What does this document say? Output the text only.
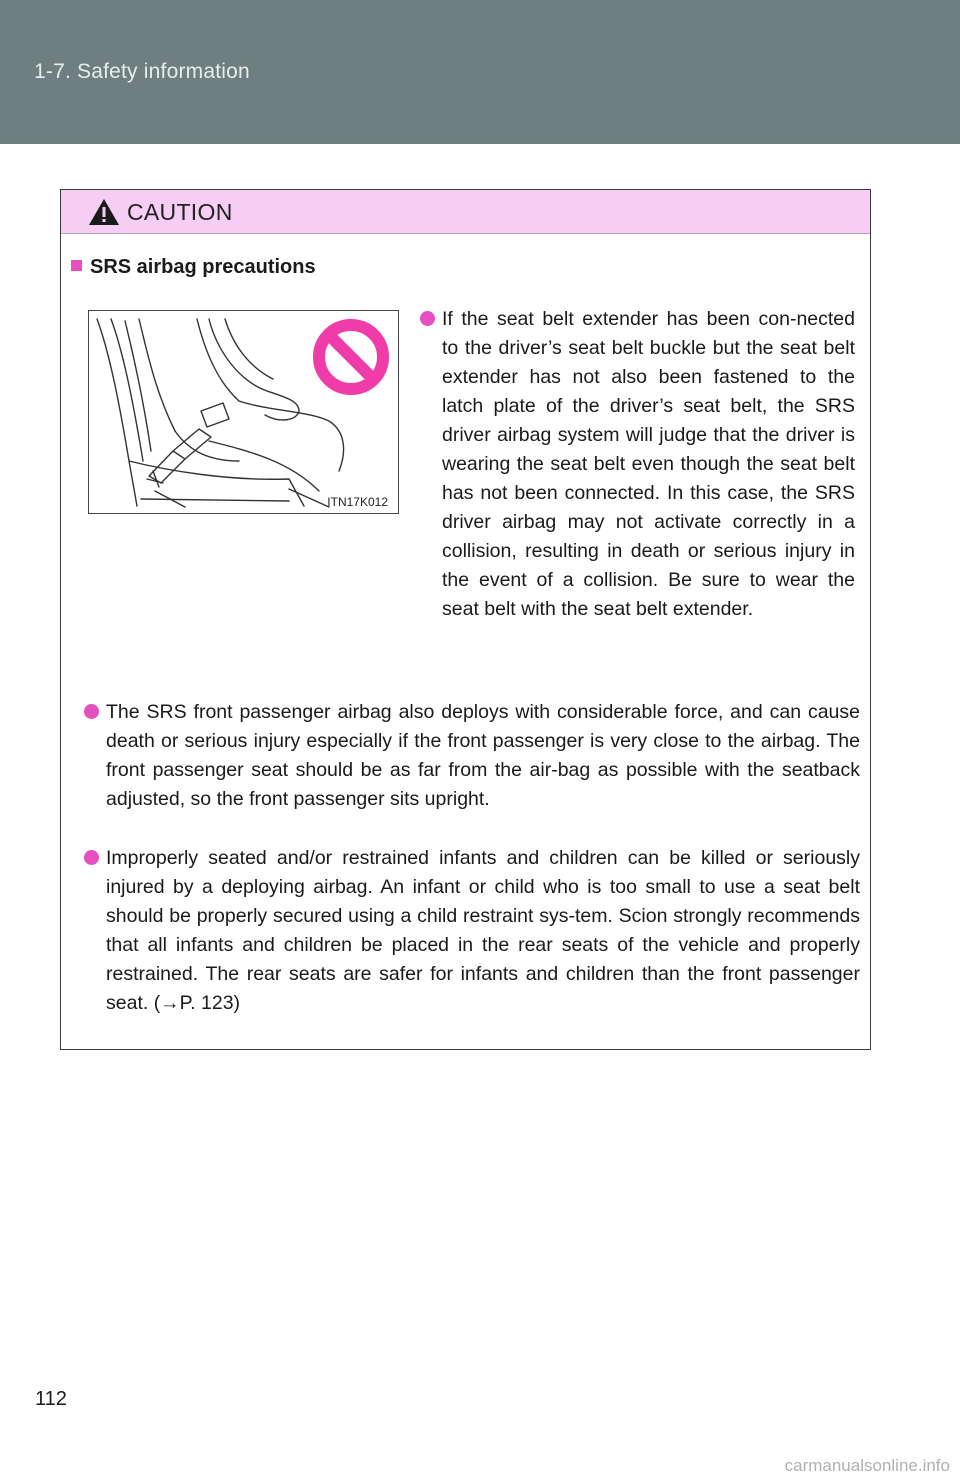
1-7. Safety information
CAUTION
SRS airbag precautions
ITN17K012
If the seat belt extender has been con-nected to the driver’s seat belt buckle but the seat belt extender has not also been fastened to the latch plate of the driver’s seat belt, the SRS driver airbag system will judge that the driver is wearing the seat belt even though the seat belt has not been connected. In this case, the SRS driver airbag may not activate correctly in a collision, resulting in death or serious injury in the event of a collision. Be sure to wear the seat belt with the seat belt extender.
The SRS front passenger airbag also deploys with considerable force, and can cause death or serious injury especially if the front passenger is very close to the airbag. The front passenger seat should be as far from the air-bag as possible with the seatback adjusted, so the front passenger sits upright.
Improperly seated and/or restrained infants and children can be killed or seriously injured by a deploying airbag. An infant or child who is too small to use a seat belt should be properly secured using a child restraint sys-tem. Scion strongly recommends that all infants and children be placed in the rear seats of the vehicle and properly restrained. The rear seats are safer for infants and children than the front passenger seat. (→P. 123)
112
carmanualsonline.info
